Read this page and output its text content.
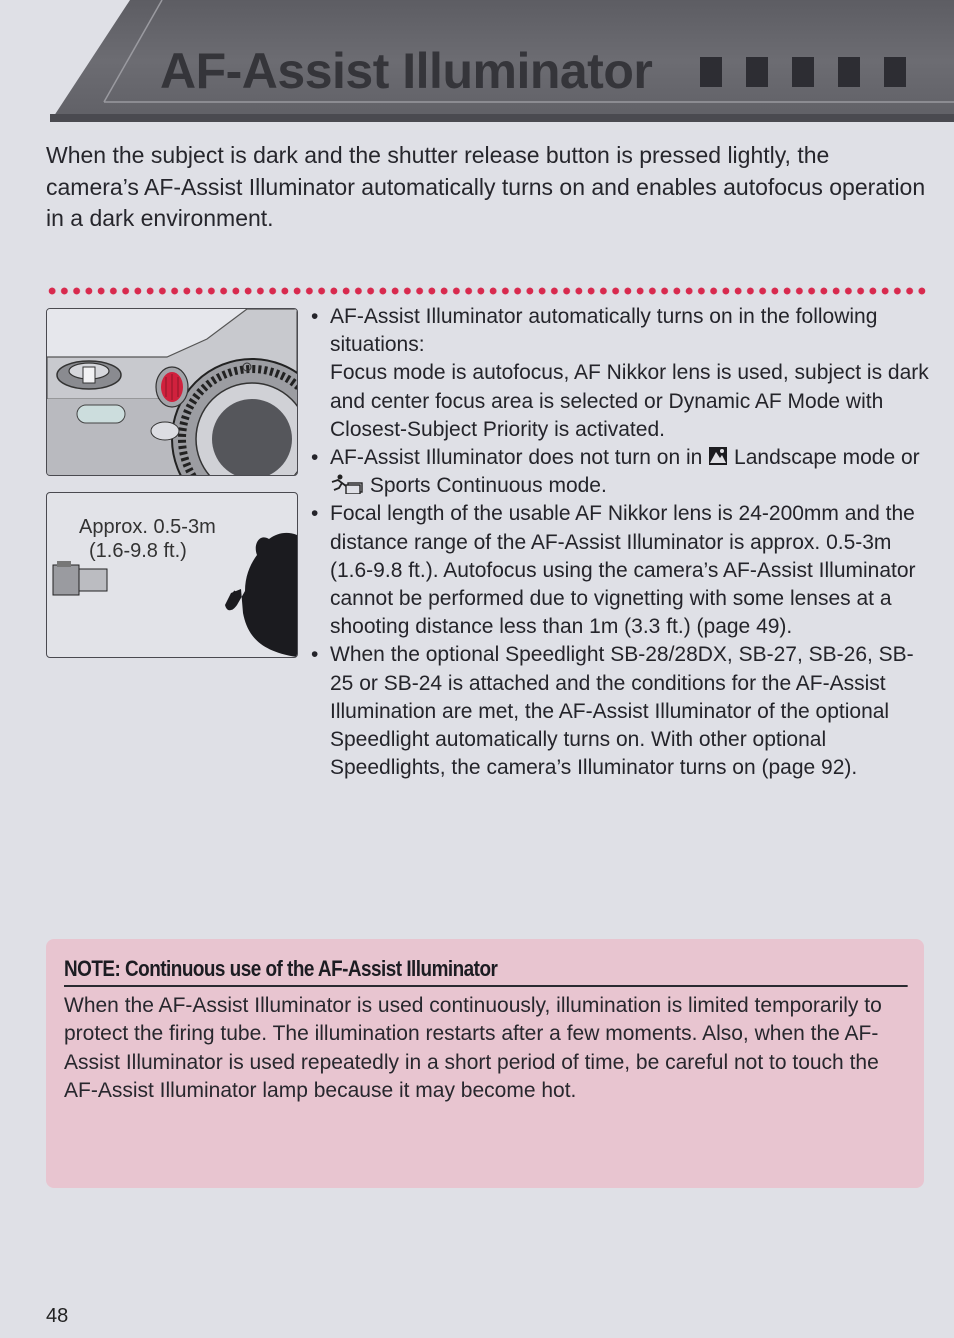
AF-Assist Illuminator
When the subject is dark and the shutter release button is pressed lightly, the camera’s AF-Assist Illuminator automatically turns on and enables autofocus operation in a dark environment.
Approx. 0.5-3m
(1.6-9.8 ft.)
• AF-Assist Illuminator automatically turns on in the following situations:
Focus mode is autofocus, AF Nikkor lens is used, subject is dark and center focus area is selected or Dynamic AF Mode with Closest-Subject Priority is activated.
• AF-Assist Illuminator does not turn on in Landscape mode or  Sports Continuous mode.
• Focal length of the usable AF Nikkor lens is 24-200mm and the distance range of the AF-Assist Illuminator is approx. 0.5-3m (1.6-9.8 ft.). Autofocus using the camera’s AF-Assist Illuminator cannot be performed due to vignetting with some lenses at a shooting distance less than 1m (3.3 ft.) (page 49).
• When the optional Speedlight SB-28/28DX, SB-27, SB-26, SB-25 or SB-24 is attached and the conditions for the AF-Assist Illumination are met, the AF-Assist Illuminator of the optional Speedlight automatically turns on. With other optional Speedlights, the camera’s Illuminator turns on (page 92).
NOTE: Continuous use of the AF-Assist Illuminator
When the AF-Assist Illuminator is used continuously, illumination is limited temporarily to protect the firing tube. The illumination restarts after a few moments. Also, when the AF-Assist Illuminator is used repeatedly in a short period of time, be careful not to touch the AF-Assist Illuminator lamp because it may become hot.
48
